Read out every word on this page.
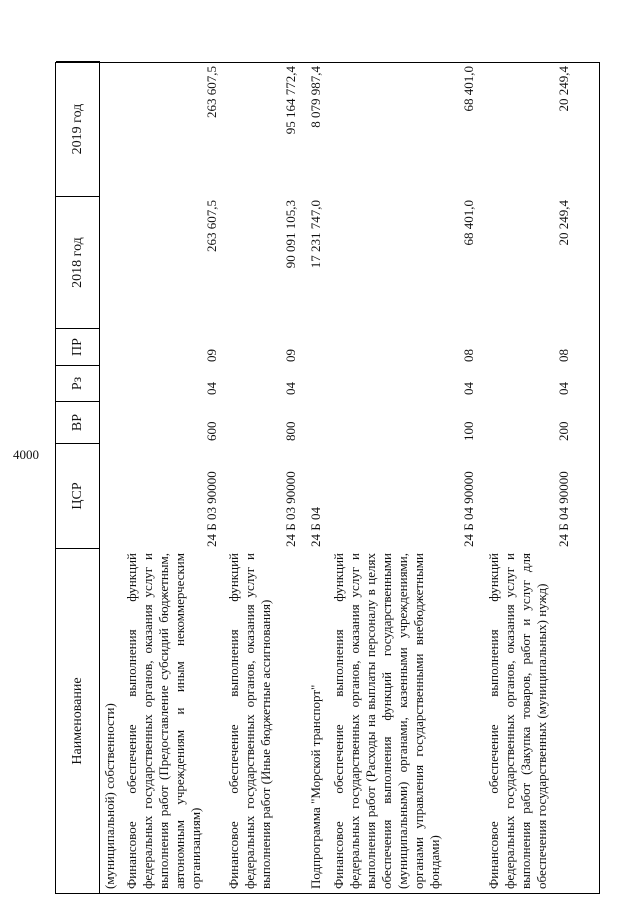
4000
Наименование
ЦСР
ВР
Рз
ПР
2018 год
2019 год
(муниципальной) собственности) Финансовое обеспечение выполнения функций федеральных государственных органов, оказания услуг и выполнения работ (Предоставление субсидий бюджетным, автономным учреждениям и иным некоммерческим организациям)
24 Б 03 90000
600
04
09
263 607,5
263 607,5
Финансовое обеспечение выполнения функций федеральных государственных органов, оказания услуг и выполнения работ (Иные бюджетные ассигнования)
24 Б 03 90000
800
04
09
90 091 105,3
95 164 772,4
Подпрограмма "Морской транспорт"
24 Б 04
17 231 747,0
8 079 987,4
Финансовое обеспечение выполнения функций федеральных государственных органов, оказания услуг и выполнения работ (Расходы на выплаты персоналу в целях обеспечения выполнения функций государственными (муниципальными) органами, казенными учреждениями, органами управления государственными внебюджетными фондами)
24 Б 04 90000
100
04
08
68 401,0
68 401,0
Финансовое обеспечение выполнения функций федеральных государственных органов, оказания услуг и выполнения работ (Закупка товаров, работ и услуг для обеспечения государственных (муниципальных) нужд)
24 Б 04 90000
200
04
08
20 249,4
20 249,4
